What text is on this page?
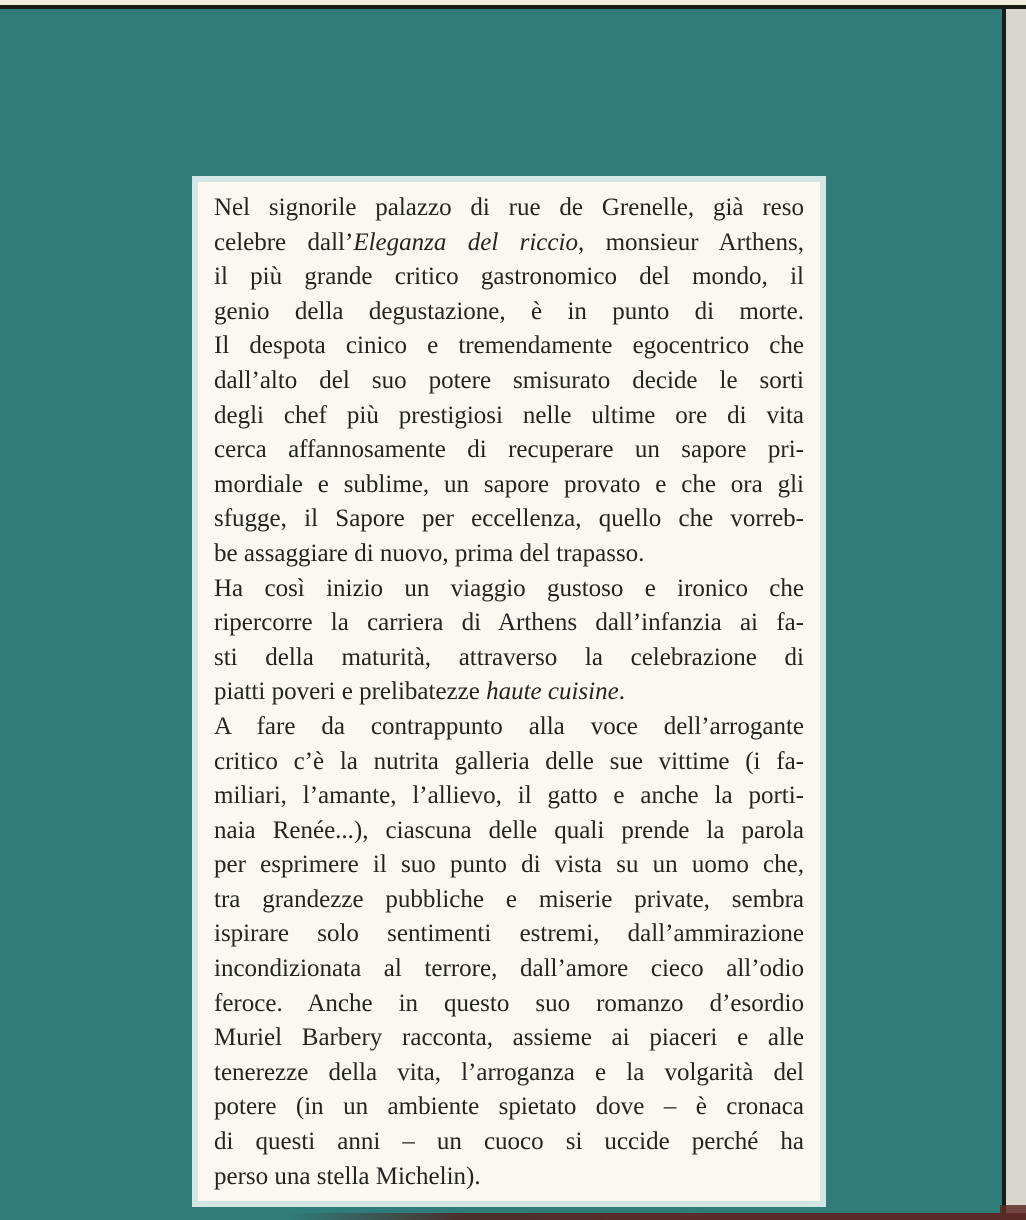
Nel signorile palazzo di rue de Grenelle, già reso
celebre dall’Eleganza del riccio, monsieur Arthens,
il più grande critico gastronomico del mondo, il
genio della degustazione, è in punto di morte.
Il despota cinico e tremendamente egocentrico che
dall’alto del suo potere smisurato decide le sorti
degli chef più prestigiosi nelle ultime ore di vita
cerca affannosamente di recuperare un sapore pri-
mordiale e sublime, un sapore provato e che ora gli
sfugge, il Sapore per eccellenza, quello che vorreb-
be assaggiare di nuovo, prima del trapasso.
Ha così inizio un viaggio gustoso e ironico che
ripercorre la carriera di Arthens dall’infanzia ai fa-
sti della maturità, attraverso la celebrazione di
piatti poveri e prelibatezze haute cuisine.
A fare da contrappunto alla voce dell’arrogante
critico c’è la nutrita galleria delle sue vittime (i fa-
miliari, l’amante, l’allievo, il gatto e anche la porti-
naia Renée...), ciascuna delle quali prende la parola
per esprimere il suo punto di vista su un uomo che,
tra grandezze pubbliche e miserie private, sembra
ispirare solo sentimenti estremi, dall’ammirazione
incondizionata al terrore, dall’amore cieco all’odio
feroce. Anche in questo suo romanzo d’esordio
Muriel Barbery racconta, assieme ai piaceri e alle
tenerezze della vita, l’arroganza e la volgarità del
potere (in un ambiente spietato dove – è cronaca
di questi anni – un cuoco si uccide perché ha
perso una stella Michelin).
